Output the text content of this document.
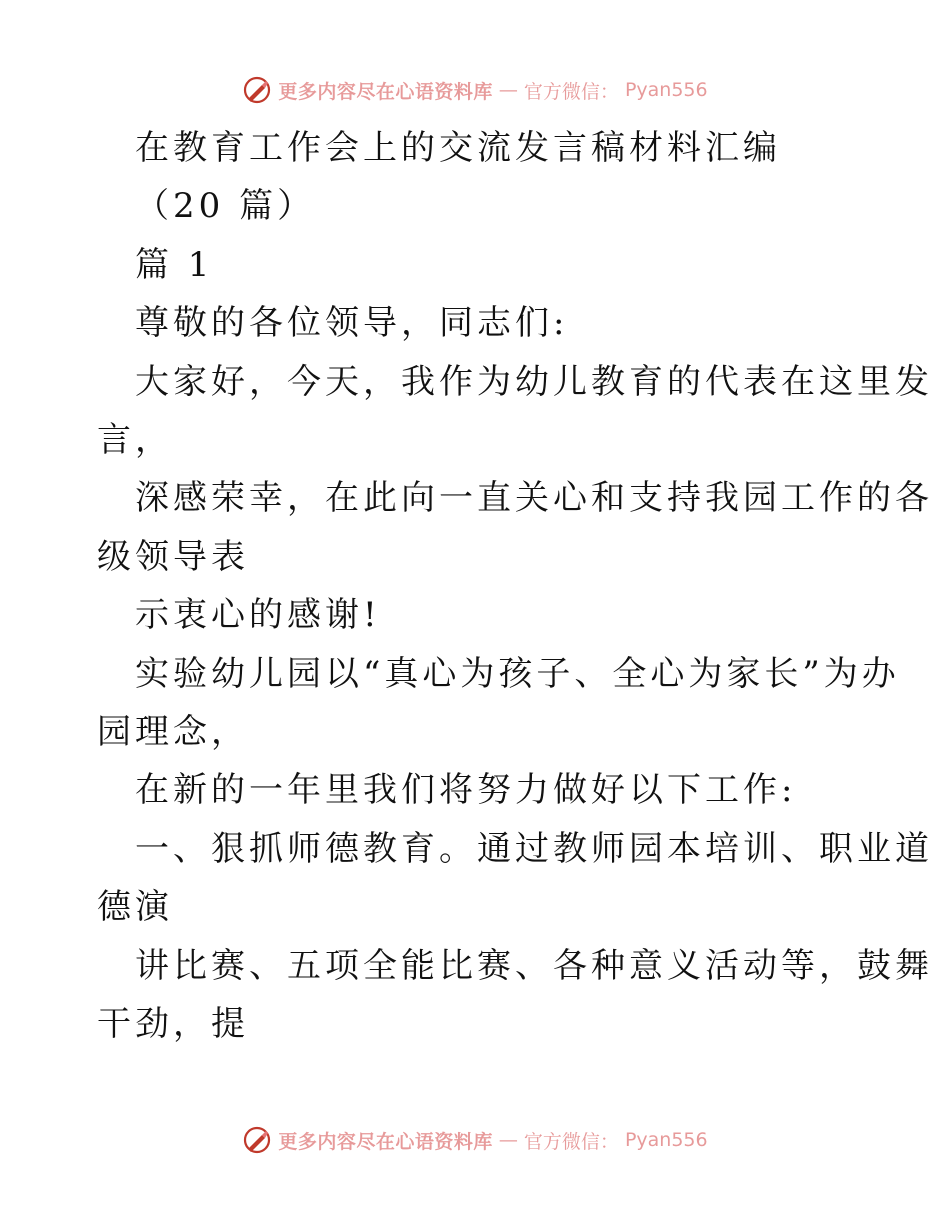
更多内容尽在心语资料库 — 官方微信： Pyan556
在教育工作会上的交流发言稿材料汇编
（20 篇）
篇 1
尊敬的各位领导，同志们:
大家好，今天，我作为幼儿教育的代表在这里发
言，
深感荣幸，在此向一直关心和支持我园工作的各
级领导表
示衷心的感谢!
实验幼儿园以“真心为孩子、全心为家长”为办
园理念，
在新的一年里我们将努力做好以下工作:
一、狠抓师德教育。通过教师园本培训、职业道
德演
讲比赛、五项全能比赛、各种意义活动等，鼓舞
干劲，提
更多内容尽在心语资料库 — 官方微信： Pyan556
